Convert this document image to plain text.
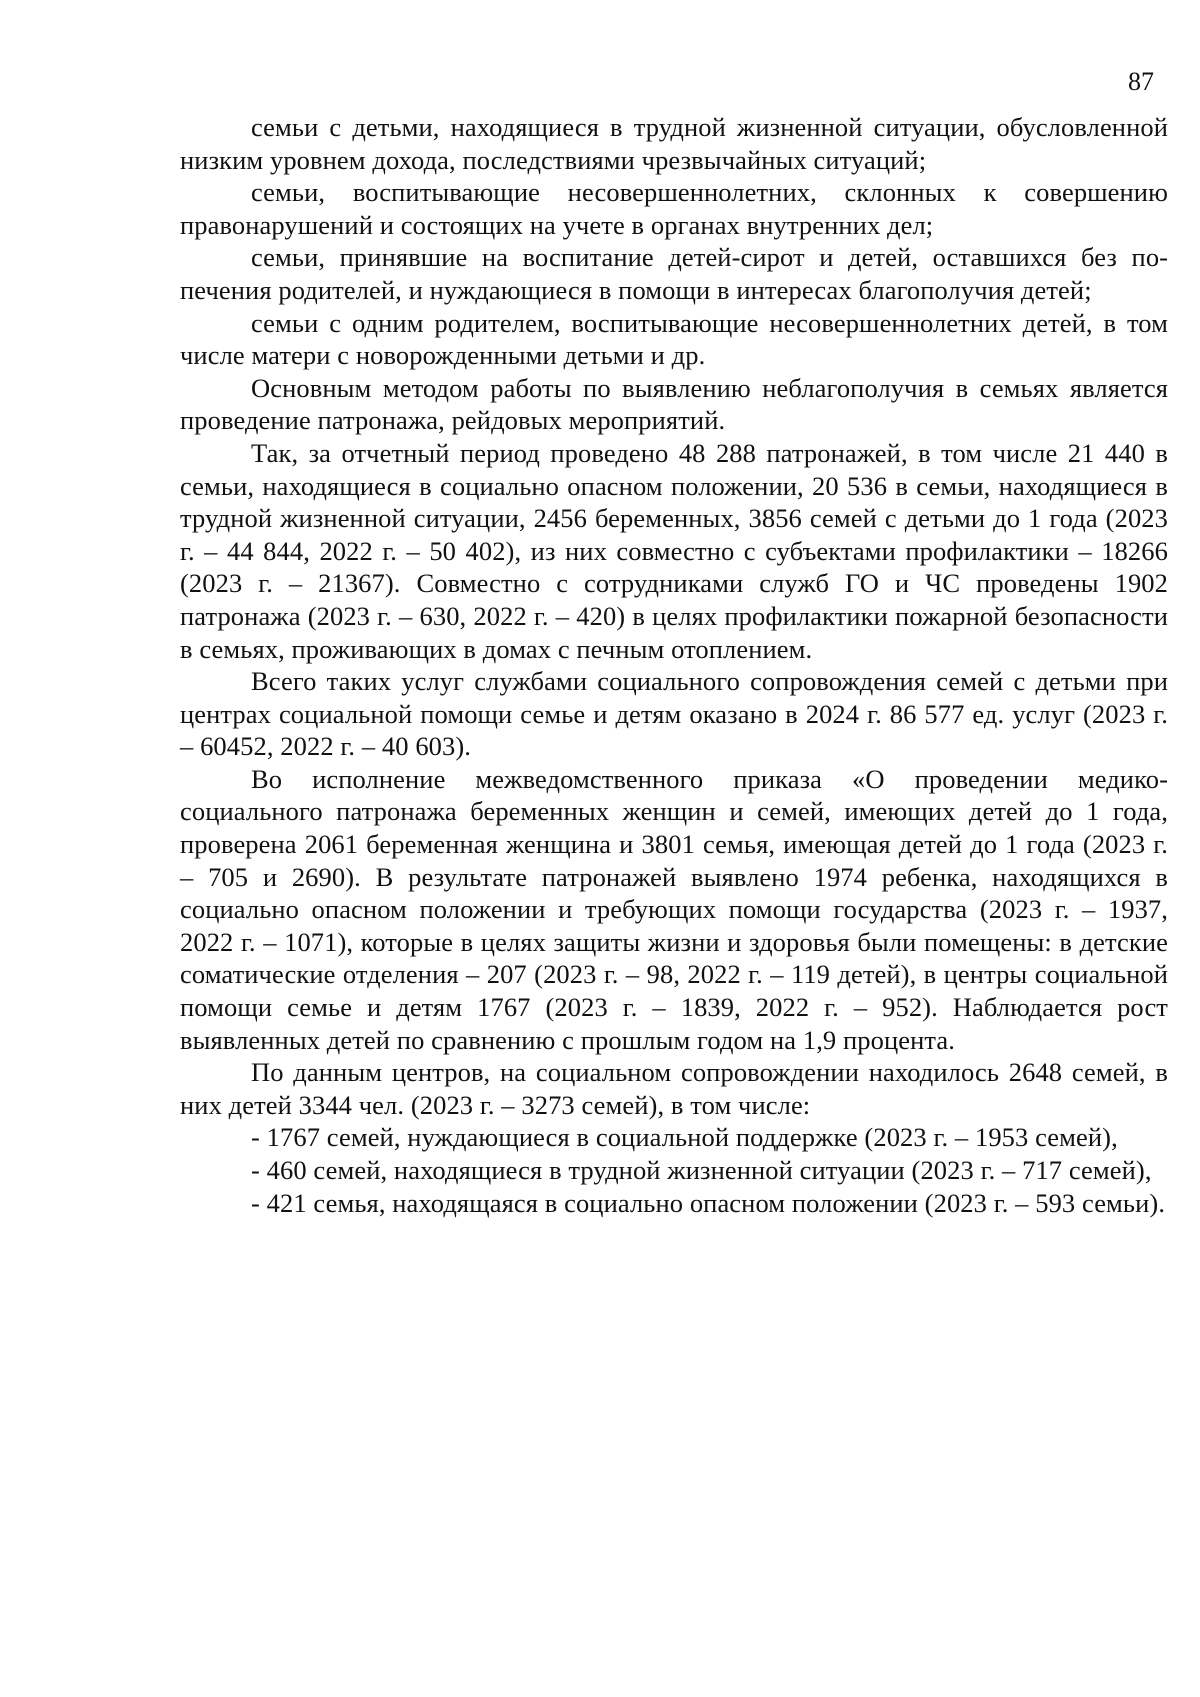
87

семьи с детьми, находящиеся в трудной жизненной ситуации, обусловленной низким уровнем дохода, последствиями чрезвычайных ситуаций;

семьи, воспитывающие несовершеннолетних, склонных к совершению правонарушений и состоящих на учете в органах внутренних дел;

семьи, принявшие на воспитание детей-сирот и детей, оставшихся без попечения родителей, и нуждающиеся в помощи в интересах благополучия детей;

семьи с одним родителем, воспитывающие несовершеннолетних детей, в том числе матери с новорожденными детьми и др.

Основным методом работы по выявлению неблагополучия в семьях является проведение патронажа, рейдовых мероприятий.

Так, за отчетный период проведено 48 288 патронажей, в том числе 21 440 в семьи, находящиеся в социально опасном положении, 20 536 в семьи, находящиеся в трудной жизненной ситуации, 2456 беременных, 3856 семей с детьми до 1 года (2023 г. – 44 844, 2022 г. – 50 402), из них совместно с субъектами профилактики – 18266 (2023 г. – 21367). Совместно с сотрудниками служб ГО и ЧС проведены 1902 патронажа (2023 г. – 630, 2022 г. – 420) в целях профилактики пожарной безопасности в семьях, проживающих в домах с печным отоплением.

Всего таких услуг службами социального сопровождения семей с детьми при центрах социальной помощи семье и детям оказано в 2024 г. 86 577 ед. услуг (2023 г. – 60452, 2022 г. – 40 603).

Во исполнение межведомственного приказа «О проведении медико-социального патронажа беременных женщин и семей, имеющих детей до 1 года, проверена 2061 беременная женщина и 3801 семья, имеющая детей до 1 года (2023 г. – 705 и 2690). В результате патронажей выявлено 1974 ребенка, находящихся в социально опасном положении и требующих помощи государства (2023 г. – 1937, 2022 г. – 1071), которые в целях защиты жизни и здоровья были помещены: в детские соматические отделения – 207 (2023 г. – 98, 2022 г. – 119 детей), в центры социальной помощи семье и детям 1767 (2023 г. – 1839, 2022 г. – 952). Наблюдается рост выявленных детей по сравнению с прошлым годом на 1,9 процента.

По данным центров, на социальном сопровождении находилось 2648 семей, в них детей 3344 чел. (2023 г. – 3273 семей), в том числе:

- 1767 семей, нуждающиеся в социальной поддержке (2023 г. – 1953 семей),

- 460 семей, находящиеся в трудной жизненной ситуации (2023 г. – 717 семей),

- 421 семья, находящаяся в социально опасном положении (2023 г. – 593 семьи).
